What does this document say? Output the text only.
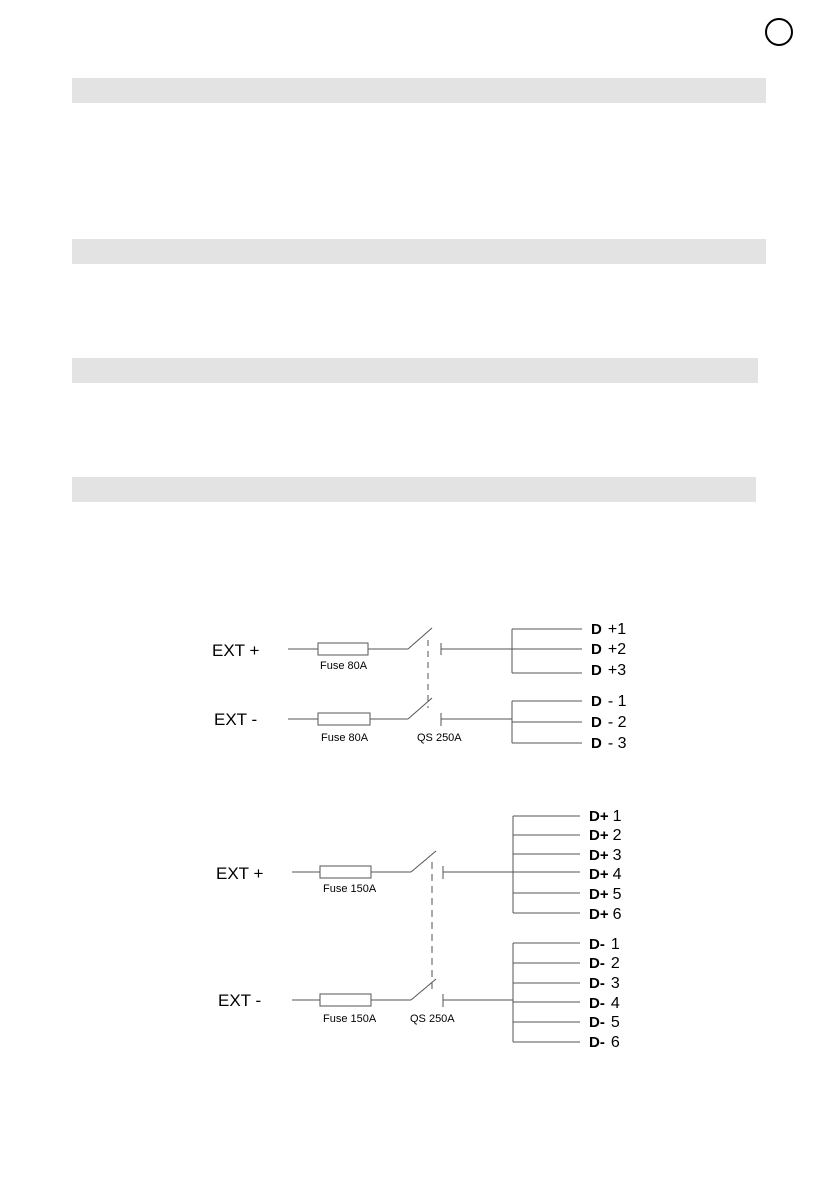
EXT +
EXT -
Fuse 80A
Fuse 80A	QS 250A
D +1
D +2
D +3
D - 1
D - 2
D - 3
EXT +
EXT -
Fuse 150A
Fuse 150A	QS 250A
D+ 1
D+ 2
D+ 3
D+ 4
D+ 5
D+ 6
D- 1
D- 2
D- 3
D- 4
D- 5
D- 6
